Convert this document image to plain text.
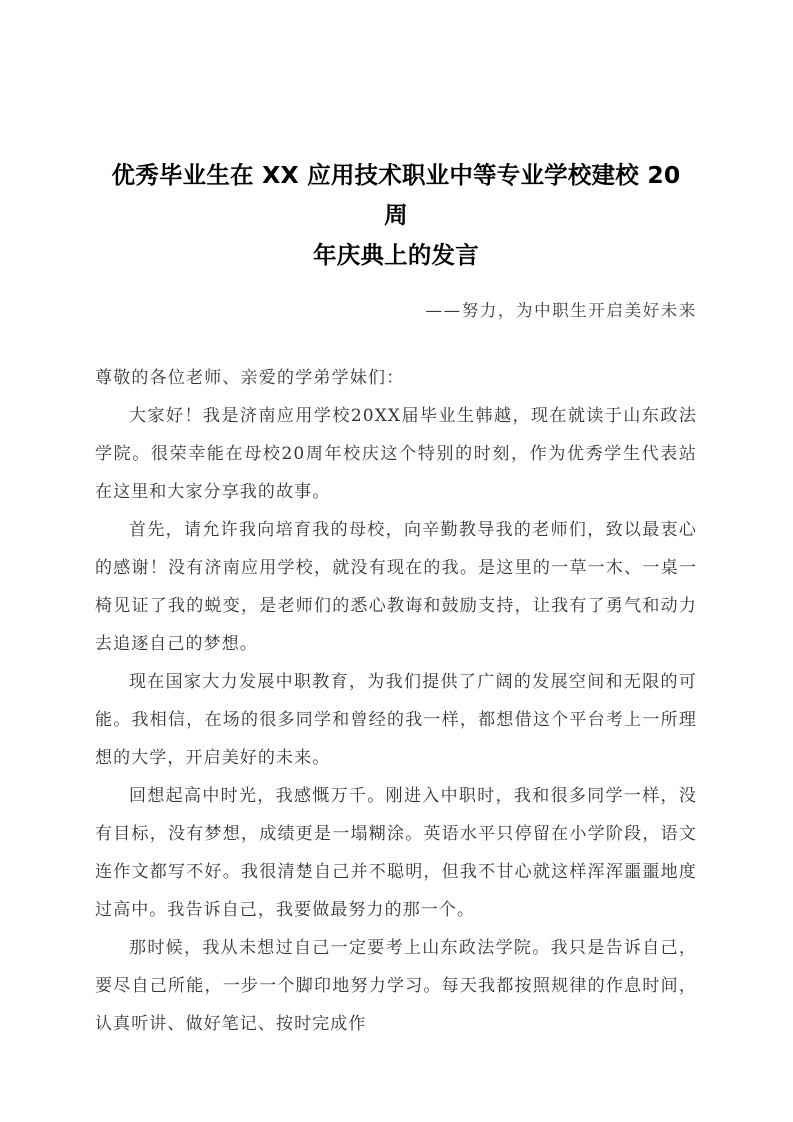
优秀毕业生在 XX 应用技术职业中等专业学校建校 20 周
年庆典上的发言
——努力，为中职生开启美好未来

尊敬的各位老师、亲爱的学弟学妹们：

大家好！我是济南应用学校20XX届毕业生韩越，现在就读于山东政法学院。很荣幸能在母校20周年校庆这个特别的时刻，作为优秀学生代表站在这里和大家分享我的故事。

首先，请允许我向培育我的母校，向辛勤教导我的老师们，致以最衷心的感谢！没有济南应用学校，就没有现在的我。是这里的一草一木、一桌一椅见证了我的蜕变，是老师们的悉心教诲和鼓励支持，让我有了勇气和动力去追逐自己的梦想。

现在国家大力发展中职教育，为我们提供了广阔的发展空间和无限的可能。我相信，在场的很多同学和曾经的我一样，都想借这个平台考上一所理想的大学，开启美好的未来。

回想起高中时光，我感慨万千。刚进入中职时，我和很多同学一样，没有目标，没有梦想，成绩更是一塌糊涂。英语水平只停留在小学阶段，语文连作文都写不好。我很清楚自己并不聪明，但我不甘心就这样浑浑噩噩地度过高中。我告诉自己，我要做最努力的那一个。

那时候，我从未想过自己一定要考上山东政法学院。我只是告诉自己，要尽自己所能，一步一个脚印地努力学习。每天我都按照规律的作息时间，认真听讲、做好笔记、按时完成作
